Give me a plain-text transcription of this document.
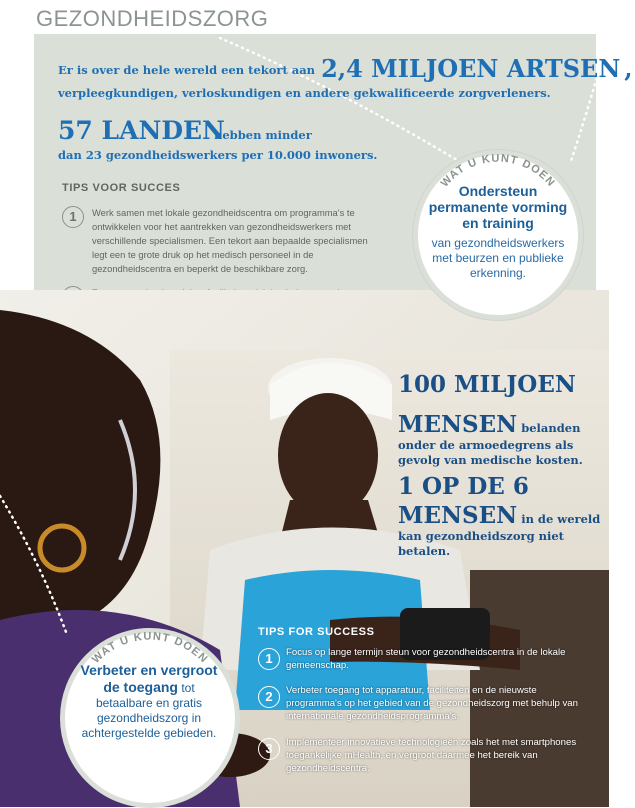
GEZONDHEIDSZORG
Er is over de hele wereld een tekort aan 2,4 MILJOEN ARTSEN ,
verpleegkundigen, verloskundigen en andere gekwalificeerde zorgverleners.
57 LANDEN
hebben minder
dan 23 gezondheidswerkers per 10.000 inwoners.
TIPS VOOR SUCCES
1	Werk samen met lokale gezondheidscentra om programma's te ontwikkelen voor het aantrekken van gezondheidswerkers met verschillende specialismen. Een tekort aan bepaalde specialismen legt een te grote druk op het medisch personeel in de gezondheidscentra en beperkt de beschikbare zorg.
WAT U KUNT DOEN
Ondersteun permanente vorming en training
van gezondheidswerkers met beurzen en publieke erkenning.
100 MILJOEN
MENSEN belanden onder de armoedegrens als gevolg van medische kosten.
1 OP DE 6
MENSEN in de wereld kan gezondheidszorg niet betalen.
TIPS FOR SUCCESS
1	Focus op lange termijn steun voor gezondheidscentra in de lokale gemeenschap.
2	Verbeter toegang tot apparatuur, faciliteiten en de nieuwste programma's op het gebied van de gezondheidszorg met behulp van internationale gezondheidsprogramma's.
3	Implementeer innovatieve technologieën zoals het met smartphones toegankelijke mHealth, en vergroot daarmee het bereik van gezondheidscentra.
WAT U KUNT DOEN
Verbeter en vergroot de toegang tot betaalbare en gratis gezondheidszorg in achtergestelde gebieden.
